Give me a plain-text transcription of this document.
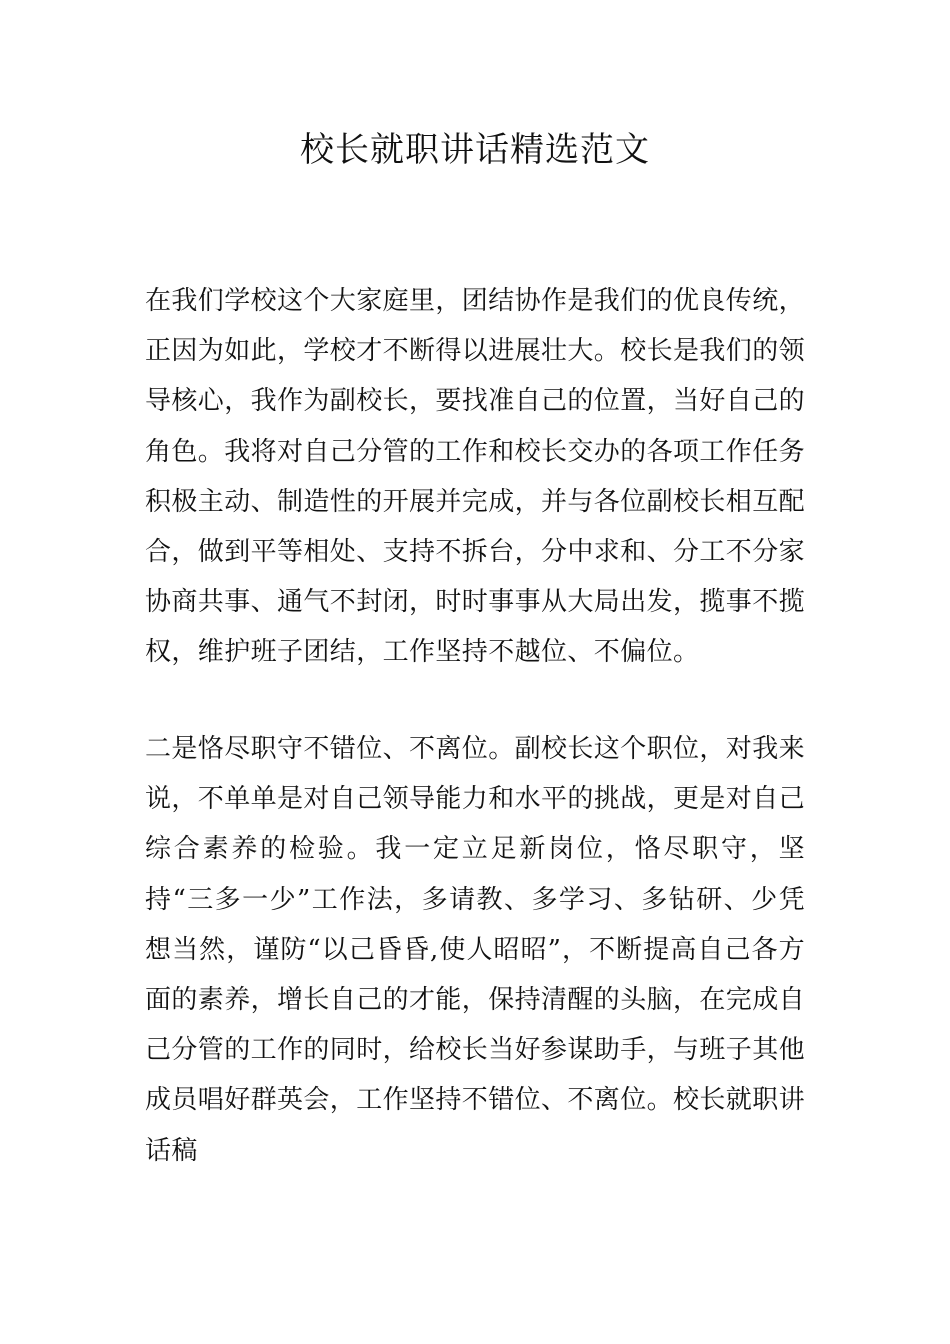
校长就职讲话精选范文
在我们学校这个大家庭里，团结协作是我们的优良传统，正因为如此，学校才不断得以进展壮大。校长是我们的领导核心，我作为副校长，要找准自己的位置，当好自己的角色。我将对自己分管的工作和校长交办的各项工作任务积极主动、制造性的开展并完成，并与各位副校长相互配合，做到平等相处、支持不拆台，分中求和、分工不分家协商共事、通气不封闭，时时事事从大局出发，揽事不揽权，维护班子团结，工作坚持不越位、不偏位。
二是恪尽职守不错位、不离位。副校长这个职位，对我来说，不单单是对自己领导能力和水平的挑战，更是对自己综合素养的检验。我一定立足新岗位，恪尽职守，坚持“三多一少”工作法，多请教、多学习、多钻研、少凭想当然，谨防“以己昏昏,使人昭昭”，不断提高自己各方面的素养，增长自己的才能，保持清醒的头脑，在完成自己分管的工作的同时，给校长当好参谋助手，与班子其他成员唱好群英会，工作坚持不错位、不离位。校长就职讲话稿
